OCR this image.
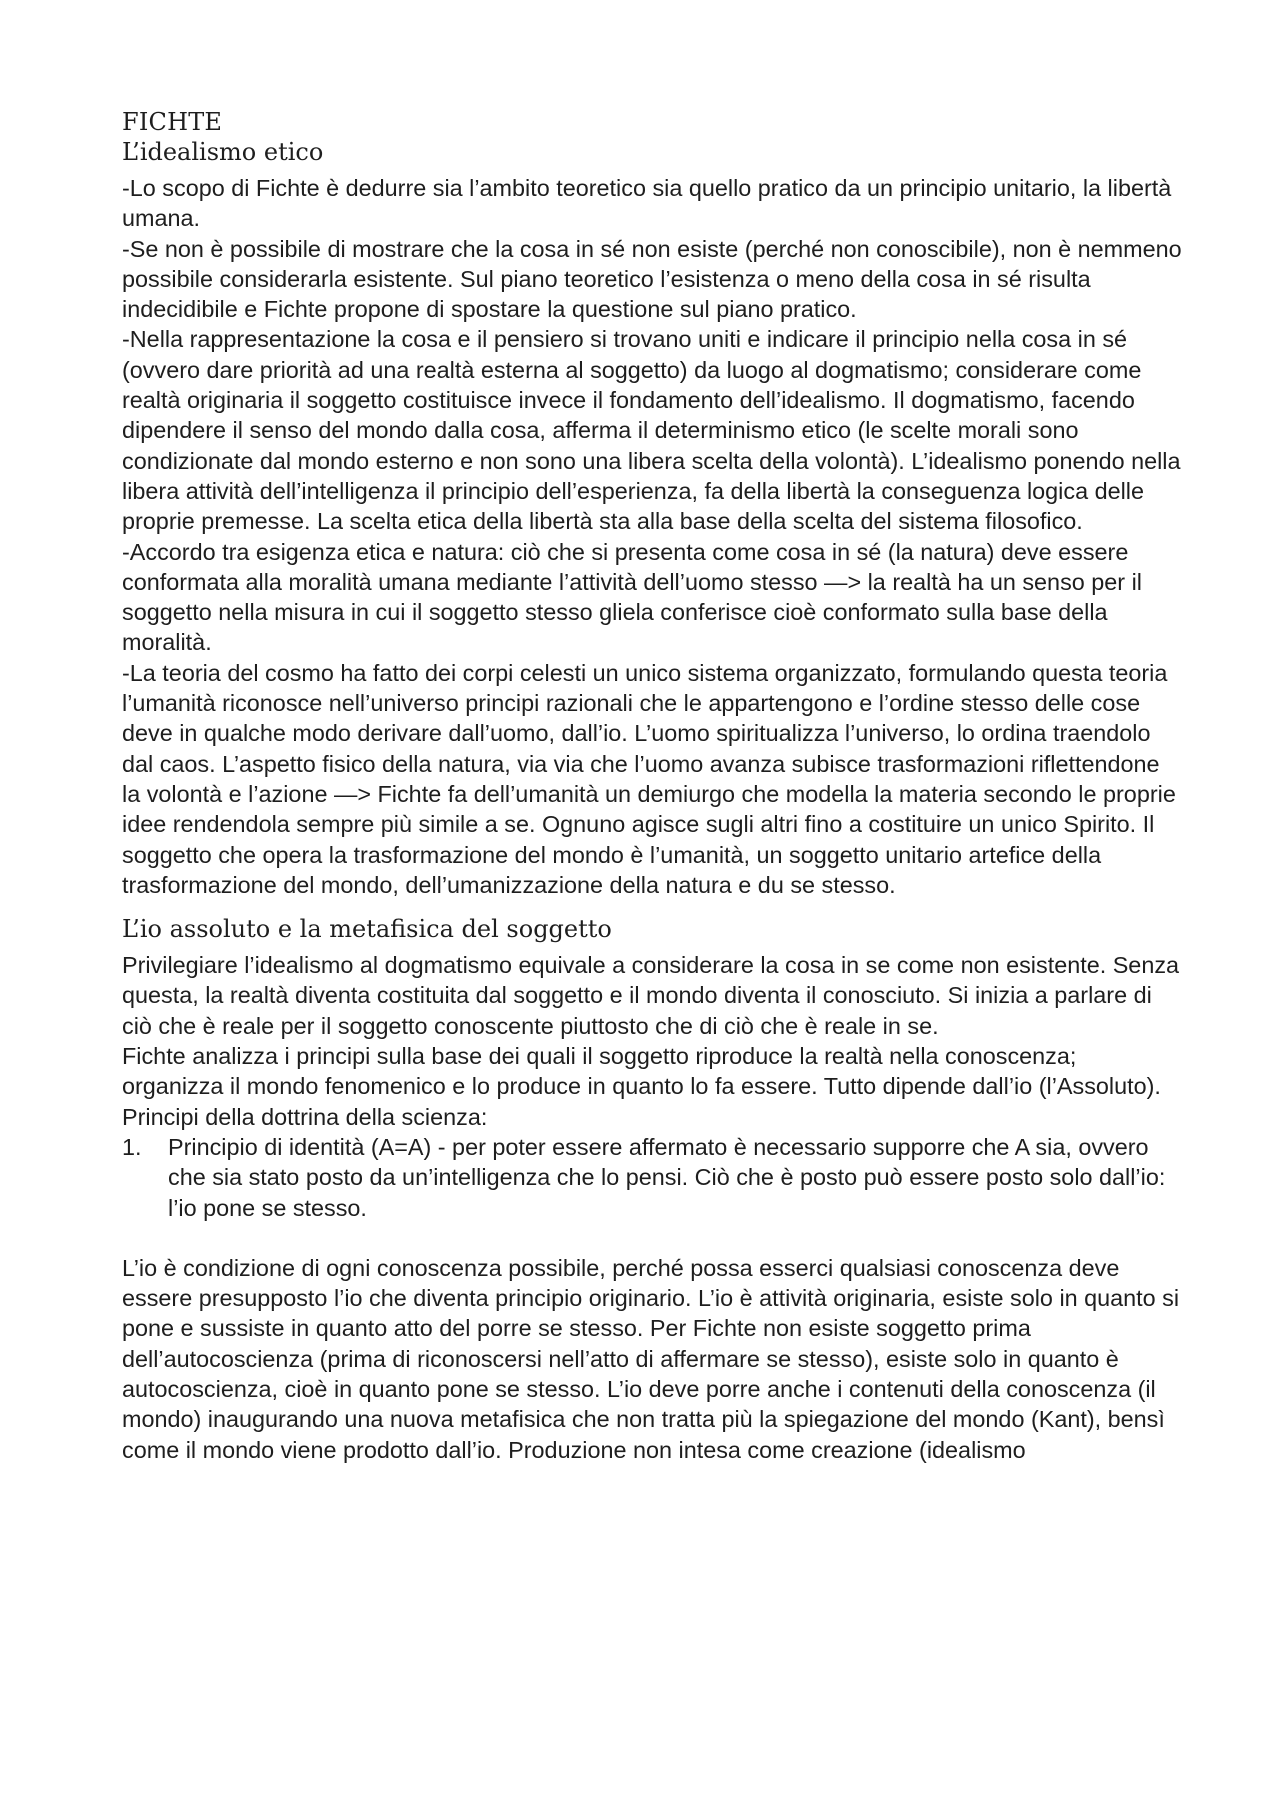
FICHTE
L’idealismo etico

-Lo scopo di Fichte è dedurre sia l’ambito teoretico sia quello pratico da un principio unitario, la libertà umana.

-Se non è possibile di mostrare che la cosa in sé non esiste (perché non conoscibile), non è nemmeno possibile considerarla esistente. Sul piano teoretico l’esistenza o meno della cosa in sé risulta indecidibile e Fichte propone di spostare la questione sul piano pratico.

-Nella rappresentazione la cosa e il pensiero si trovano uniti e indicare il principio nella cosa in sé (ovvero dare priorità ad una realtà esterna al soggetto) da luogo al dogmatismo; considerare come realtà originaria il soggetto costituisce invece il fondamento dell’idealismo. Il dogmatismo, facendo dipendere il senso del mondo dalla cosa, afferma il determinismo etico (le scelte morali sono condizionate dal mondo esterno e non sono una libera scelta della volontà). L’idealismo ponendo nella libera attività dell’intelligenza il principio dell’esperienza, fa della libertà la conseguenza logica delle proprie premesse. La scelta etica della libertà sta alla base della scelta del sistema filosofico.

-Accordo tra esigenza etica e natura: ciò che si presenta come cosa in sé (la natura) deve essere conformata alla moralità umana mediante l’attività dell’uomo stesso —> la realtà ha un senso per il soggetto nella misura in cui il soggetto stesso gliela conferisce cioè conformato sulla base della moralità.

-La teoria del cosmo ha fatto dei corpi celesti un unico sistema organizzato, formulando questa teoria l’umanità riconosce nell’universo principi razionali che le appartengono e l’ordine stesso delle cose deve in qualche modo derivare dall’uomo, dall’io. L’uomo spiritualizza l’universo, lo ordina traendolo dal caos. L’aspetto fisico della natura, via via che l’uomo avanza subisce trasformazioni riflettendone la volontà e l’azione —> Fichte fa dell’umanità un demiurgo che modella la materia secondo le proprie idee rendendola sempre più simile a se. Ognuno agisce sugli altri fino a costituire un unico Spirito. Il soggetto che opera la trasformazione del mondo è l’umanità, un soggetto unitario artefice della trasformazione del mondo, dell’umanizzazione della natura e du se stesso.

L’io assoluto e la metafisica del soggetto

Privilegiare l’idealismo al dogmatismo equivale a considerare la cosa in se come non esistente. Senza questa, la realtà diventa costituita dal soggetto e il mondo diventa il conosciuto. Si inizia a parlare di ciò che è reale per il soggetto conoscente piuttosto che di ciò che è reale in se.

Fichte analizza i principi sulla base dei quali il soggetto riproduce la realtà nella conoscenza; organizza il mondo fenomenico e lo produce in quanto lo fa essere. Tutto dipende dall’io (l’Assoluto).

Principi della dottrina della scienza:

1. Principio di identità (A=A) - per poter essere affermato è necessario supporre che A sia, ovvero che sia stato posto da un’intelligenza che lo pensi. Ciò che è posto può essere posto solo dall’io: l’io pone se stesso.

L’io è condizione di ogni conoscenza possibile, perché possa esserci qualsiasi conoscenza deve essere presupposto l’io che diventa principio originario. L’io è attività originaria, esiste solo in quanto si pone e sussiste in quanto atto del porre se stesso. Per Fichte non esiste soggetto prima dell’autocoscienza (prima di riconoscersi nell’atto di affermare se stesso), esiste solo in quanto è autocoscienza, cioè in quanto pone se stesso. L’io deve porre anche i contenuti della conoscenza (il mondo) inaugurando una nuova metafisica che non tratta più la spiegazione del mondo (Kant), bensì come il mondo viene prodotto dall’io. Produzione non intesa come creazione (idealismo
